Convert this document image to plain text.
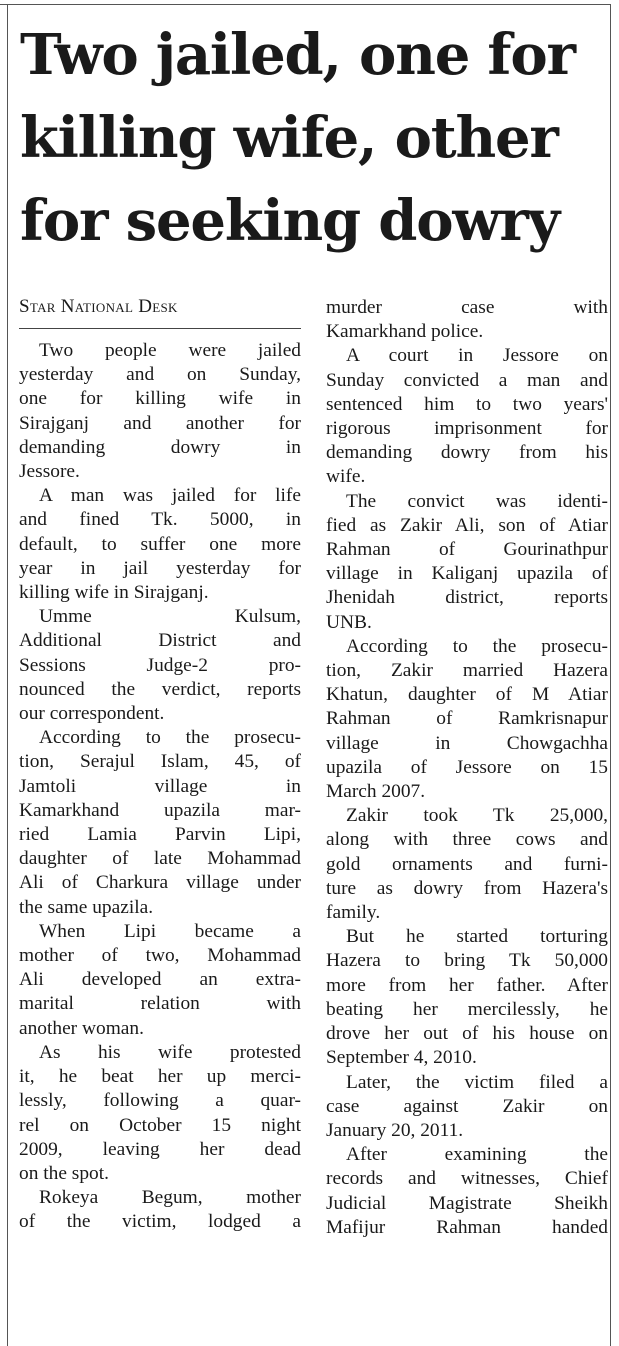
Two jailed, one for
killing wife, other
for seeking dowry
Star National Desk

Two people were jailed
yesterday and on Sunday,
one for killing wife in
Sirajganj and another for
demanding dowry in
Jessore.

A man was jailed for life
and fined Tk. 5000, in
default, to suffer one more
year in jail yesterday for
killing wife in Sirajganj.

Umme Kulsum,
Additional District and
Sessions Judge-2 pro-
nounced the verdict, reports
our correspondent.

According to the prosecu-
tion, Serajul Islam, 45, of
Jamtoli village in
Kamarkhand upazila mar-
ried Lamia Parvin Lipi,
daughter of late Mohammad
Ali of Charkura village under
the same upazila.

When Lipi became a
mother of two, Mohammad
Ali developed an extra-
marital relation with
another woman.

As his wife protested
it, he beat her up merci-
lessly, following a quar-
rel on October 15 night
2009, leaving her dead
on the spot.

Rokeya Begum, mother
of the victim, lodged a

murder case with
Kamarkhand police.

A court in Jessore on
Sunday convicted a man and
sentenced him to two years'
rigorous imprisonment for
demanding dowry from his
wife.

The convict was identi-
fied as Zakir Ali, son of Atiar
Rahman of Gourinathpur
village in Kaliganj upazila of
Jhenidah district, reports
UNB.

According to the prosecu-
tion, Zakir married Hazera
Khatun, daughter of M Atiar
Rahman of Ramkrisnapur
village in Chowgachha
upazila of Jessore on 15
March 2007.

Zakir took Tk 25,000,
along with three cows and
gold ornaments and furni-
ture as dowry from Hazera's
family.

But he started torturing
Hazera to bring Tk 50,000
more from her father. After
beating her mercilessly, he
drove her out of his house on
September 4, 2010.

Later, the victim filed a
case against Zakir on
January 20, 2011.

After examining the
records and witnesses, Chief
Judicial Magistrate Sheikh
Mafijur Rahman handed
